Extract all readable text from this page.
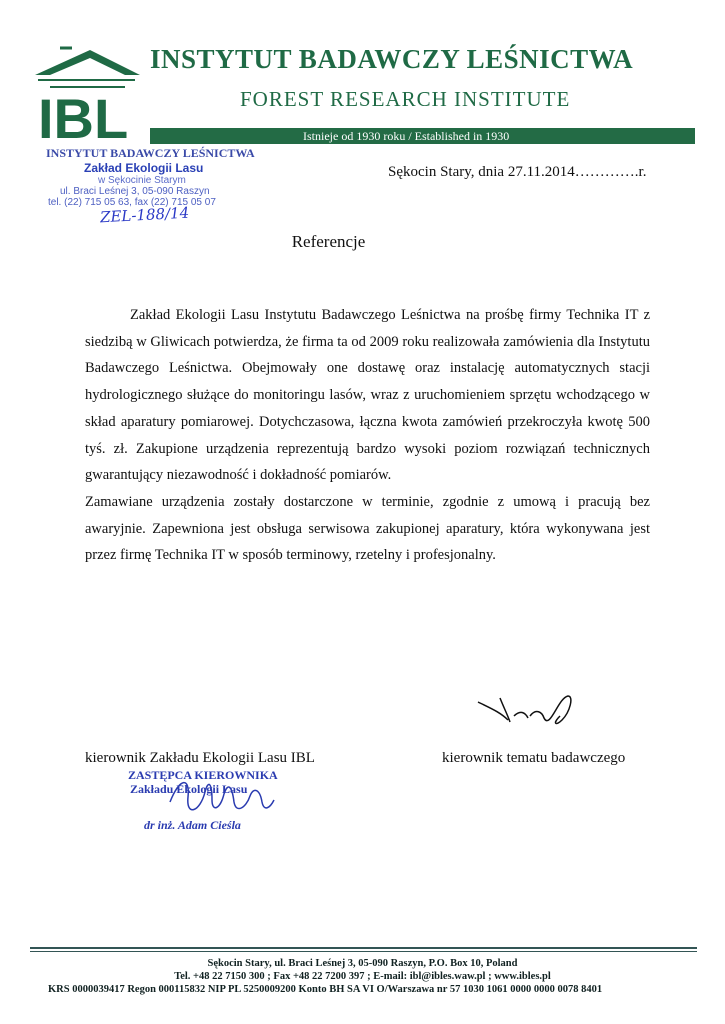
IBL
INSTYTUT BADAWCZY LEŚNICTWA
FOREST RESEARCH INSTITUTE
Istnieje od 1930 roku / Established in 1930
INSTYTUT BADAWCZY LEŚNICTWA
Zakład Ekologii Lasu
w Sękocinie Starym
ul. Braci Leśnej 3, 05-090 Raszyn
tel. (22) 715 05 63, fax (22) 715 05 07
ZEL-188/14
Sękocin Stary, dnia 27.11.2014………….r.
Referencje

Zakład Ekologii Lasu Instytutu Badawczego Leśnictwa na prośbę firmy Technika IT z siedzibą w Gliwicach potwierdza, że firma ta od 2009 roku realizowała zamówienia dla Instytutu Badawczego Leśnictwa. Obejmowały one dostawę oraz instalację automatycznych stacji hydrologicznego służące do monitoringu lasów, wraz z uruchomieniem sprzętu wchodzącego w skład aparatury pomiarowej. Dotychczasowa, łączna kwota zamówień przekroczyła kwotę 500 tyś. zł. Zakupione urządzenia reprezentują bardzo wysoki poziom rozwiązań technicznych gwarantujący niezawodność i dokładność pomiarów.

Zamawiane urządzenia zostały dostarczone w terminie, zgodnie z umową i pracują bez awaryjnie. Zapewniona jest obsługa serwisowa zakupionej aparatury, która wykonywana jest przez firmę Technika IT w sposób terminowy, rzetelny i profesjonalny.

kierownik Zakładu Ekologii Lasu IBL	kierownik tematu badawczego
ZASTĘPCA KIEROWNIKA
Zakładu Ekologii Lasu
dr inż. Adam Cieśla
Sękocin Stary, ul. Braci Leśnej 3, 05-090 Raszyn, P.O. Box 10, Poland
Tel. +48 22 7150 300 ; Fax +48 22 7200 397 ; E-mail: ibl@ibles.waw.pl ; www.ibles.pl
KRS 0000039417 Regon 000115832 NIP PL 5250009200 Konto BH SA VI O/Warszawa nr 57 1030 1061 0000 0000 0078 8401
